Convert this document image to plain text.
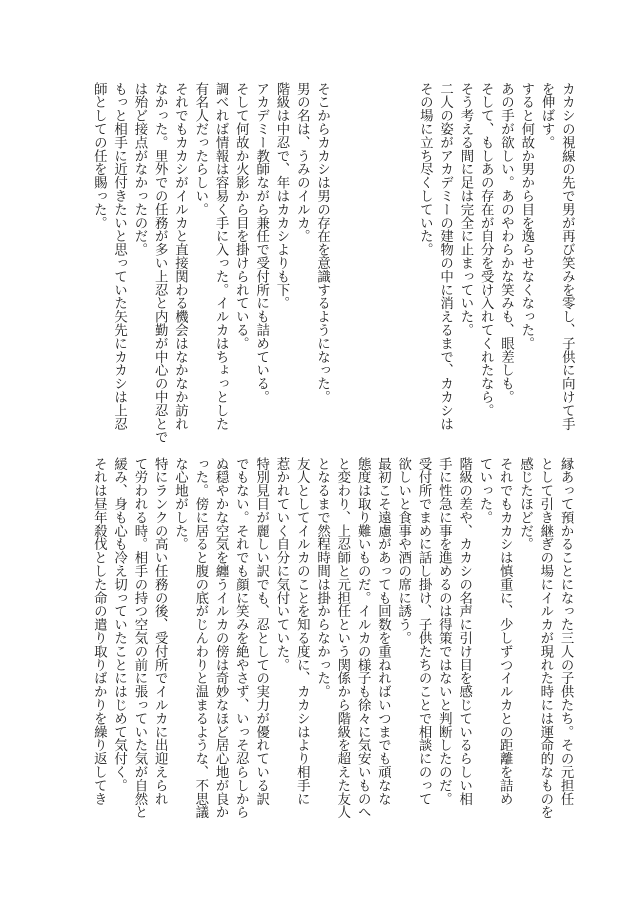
カカシの視線の先で男が再び笑みを零し、子供に向けて手
を伸ばす。
すると何故か男から目を逸らせなくなった。
あの手が欲しい。あのやわらかな笑みも、眼差しも。
そして、もしあの存在が自分を受け入れてくれたなら。
そう考える間に足は完全に止まっていた。
二人の姿がアカデミーの建物の中に消えるまで、カカシは
その場に立ち尽くしていた。
そこからカカシは男の存在を意識するようになった。
男の名は、うみのイルカ。
階級は中忍で、年はカカシよりも下。
アカデミー教師ながら兼任で受付所にも詰めている。
そして何故か火影から目を掛けられている。
調べれば情報は容易く手に入った。イルカはちょっとした
有名人だったらしい。
それでもカカシがイルカと直接関わる機会はなかなか訪れ
なかった。里外での任務が多い上忍と内勤が中心の中忍とで
は殆ど接点がなかったのだ。
もっと相手に近付きたいと思っていた矢先にカカシは上忍
師としての任を賜った。
縁あって預かることになった三人の子供たち。その元担任
として引き継ぎの場にイルカが現れた時には運命的なものを
感じたほどだ。
それでもカカシは慎重に、少しずつイルカとの距離を詰め
ていった。
階級の差や、カカシの名声に引け目を感じているらしい相
手に性急に事を進めるのは得策ではないと判断したのだ。
受付所でまめに話し掛け、子供たちのことで相談にのって
欲しいと食事や酒の席に誘う。
最初こそ遠慮があっても回数を重ねればいつまでも頑なな
態度は取り難いものだ。イルカの様子も徐々に気安いものへ
と変わり、上忍師と元担任という関係から階級を超えた友人
となるまで然程時間は掛からなかった。
友人としてイルカのことを知る度に、カカシはより相手に
惹かれていく自分に気付いていた。
特別見目が麗しい訳でも、忍としての実力が優れている訳
でもない。それでも顔に笑みを絶やさず、いっそ忍らしから
ぬ穏やかな空気を纏うイルカの傍は奇妙なほど居心地が良か
った。傍に居ると腹の底がじんわりと温まるような、不思議
な心地がした。
特にランクの高い任務の後、受付所でイルカに出迎えられ
て労われる時。相手の持つ空気の前に張っていた気が自然と
緩み、身も心も冷え切っていたことにはじめて気付く。
それは昼年殺伐とした命の遣り取りばかりを繰り返してき
